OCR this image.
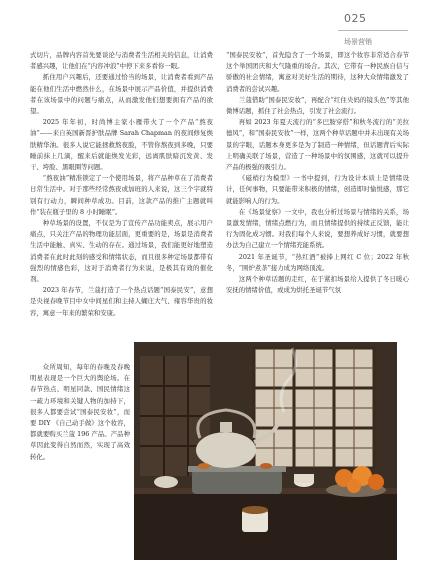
025
场景营销

式切片，品牌内容首先要谈论与消费者生活相关的信息，让消费者感兴趣，让他们在“内容冲浪”中停下来多看你一眼。

抓住用户兴趣后，还要通过恰当的场景，让消费者看到产品能在他们生活中燃然什么，在场景中展示产品价值，并提供消费者在该场景中的问题与痛点，从而激发他们想要拥有产品的欲望。

2025 年年初，时尚博主家小雁带火了一个产品“熬夜油”——来自英国新晋护肤品牌 Sarah Chapman 的夜间修复焕肤精华油。很多人说它能拯救熬夜脸，不管你熬夜到多晚，只要睡前抹上几滴，醒来后就能焕发光彩，远离肌肤暗沉发黄、发干、垮脸、黑眼圈等问题。

“熬夜油”精准锁定了一个使用场景，将产品种草在了消费者日常生活中。对于那些经常熬夜或加班的人来说，这三个字就特别有行动力，瞬间种草成功。目前，这款产品的推广主题就叫作“装在瓶子里的 8 小时睡眠”。

种草场景的设置，不仅是为了宣传产品功能卖点，展示用户痛点，只关注产品的物理功能层面，更重要的是，场景是消费者生活中能触、真实、生动的存在。通过场景，我们能更好地塑造消费者在此时此刻的感受和情绪状态，而且很多种定场景都带有强烈的情感色彩，这对于消费者行为来说，是极其有效的催化剂。

2023 年春节，兰蔻打造了一个热点话题“国泰民安”，意想是央视春晚节目中女中间星们和主持人蝴庄大气、雍容华贵的妆容，寓意一年来的繁荣和安康。

众所周知，每年的春晚及春晚明星表现是一个巨大的舆论场。在春节热点、明星同款、国民情绪这一疏力环境和关键人物的加持下，很多人都要尝试“国泰民安妆”，而要 DIY 《自己动手做》这个妆容，都就要购买兰蔻 196 产品。产品种草因此变得自然而然，实现了高效转化。

“国泰民安妆”，首先隐含了一个场景，即这个妆容非常适合春节这个举国团庆和大气隆重的场合。其次，它带有一种民族自信与骄傲的社会情绪，寓意对美好生活的期待，这种大众情绪激发了消费者的尝试兴趣。

兰蔻借助“国泰民安妆”，再配合“红住央妈的镜头色”等其他微博话题，抓住了社会热点，引发了社会流行。

再如 2023 年夏天流行的“多巴胺穿搭”和秋冬流行的“美拉德风”，和“国泰民安妆”一样，这两个种草话题中并未出现有关场景的字眼，话题本身更多是为了制造一种情绪，但话题背后实际上明确关联了场景，营造了一种场景中的氛围感，这就可以提升产品的极强的吸引力。

《磁梢行为模型》一书中提到，行为设计本质上是情绪设计，任何事物，只要能带来积极的情绪，创造即时愉悦感，那它就能影响人的行为。

在《场景觉察》一文中，我也分析过场景与情绪的关系，场景激发情绪，情绪点燃行为，而且情绪提供的持续正反馈，能让行为固化成习惯。对我们每个人来说，要想养成好习惯，就要想办法为自己建立一个情绪充能系统。

2021 年圣诞节，“热红酒”被捧上网红 C 位；2022 年秋冬，“围炉煮茶”接力成为网络顶流。

这两个种草话题的走红，在于紧扣场景给人提供了冬日暖心安抚的情绪价值，或成为烘托圣诞节气氛
